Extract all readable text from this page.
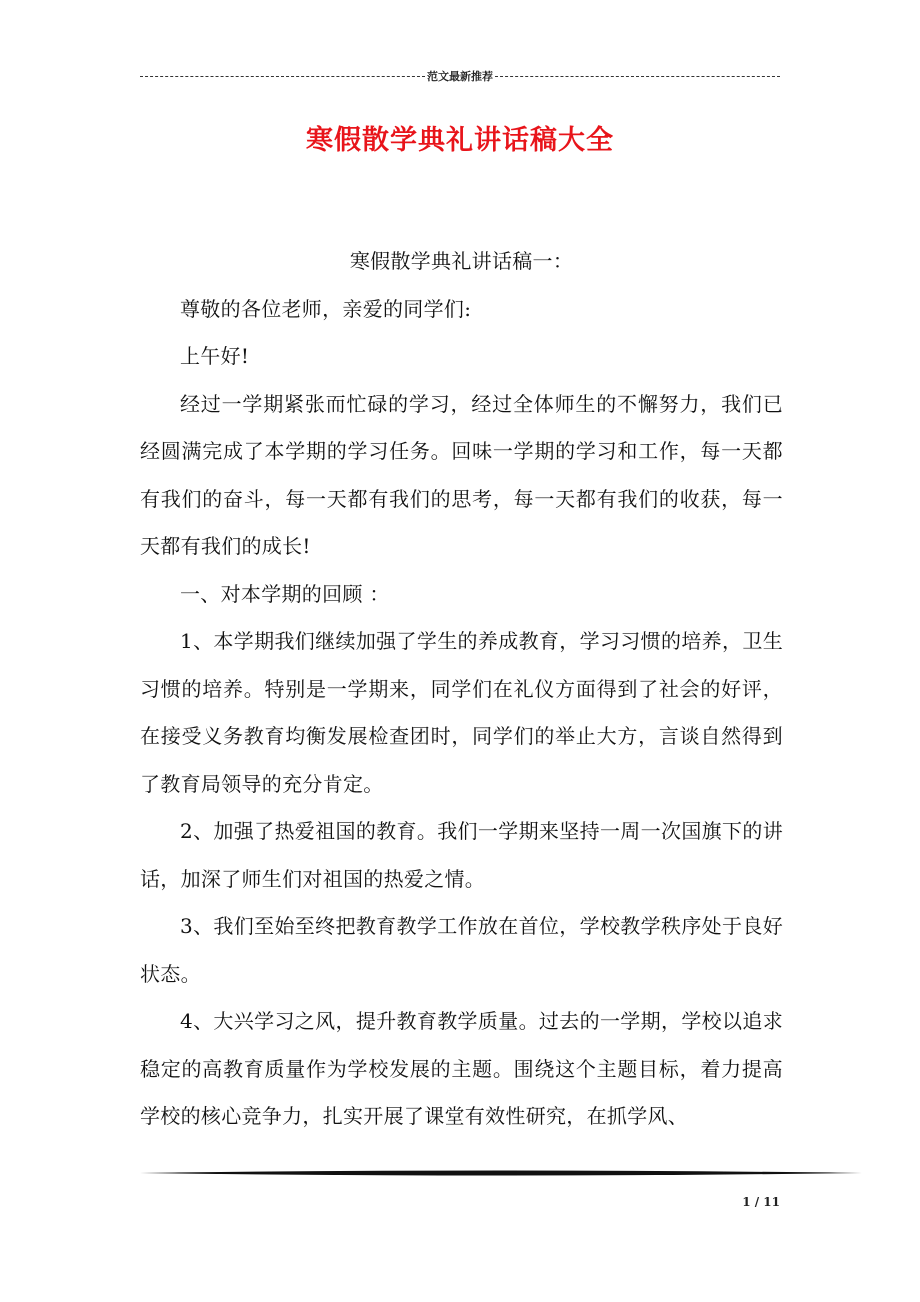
范文最新推荐
寒假散学典礼讲话稿大全

寒假散学典礼讲话稿一：

尊敬的各位老师，亲爱的同学们:

上午好!

经过一学期紧张而忙碌的学习，经过全体师生的不懈努力，我们已经圆满完成了本学期的学习任务。回味一学期的学习和工作，每一天都有我们的奋斗，每一天都有我们的思考，每一天都有我们的收获，每一天都有我们的成长!

一、对本学期的回顾 ：

1、本学期我们继续加强了学生的养成教育，学习习惯的培养，卫生习惯的培养。特别是一学期来，同学们在礼仪方面得到了社会的好评，在接受义务教育均衡发展检查团时，同学们的举止大方，言谈自然得到了教育局领导的充分肯定。

2、加强了热爱祖国的教育。我们一学期来坚持一周一次国旗下的讲话，加深了师生们对祖国的热爱之情。

3、我们至始至终把教育教学工作放在首位，学校教学秩序处于良好状态。

4、大兴学习之风，提升教育教学质量。过去的一学期，学校以追求稳定的高教育质量作为学校发展的主题。围绕这个主题目标，着力提高学校的核心竞争力，扎实开展了课堂有效性研究，在抓学风、

1 / 11
